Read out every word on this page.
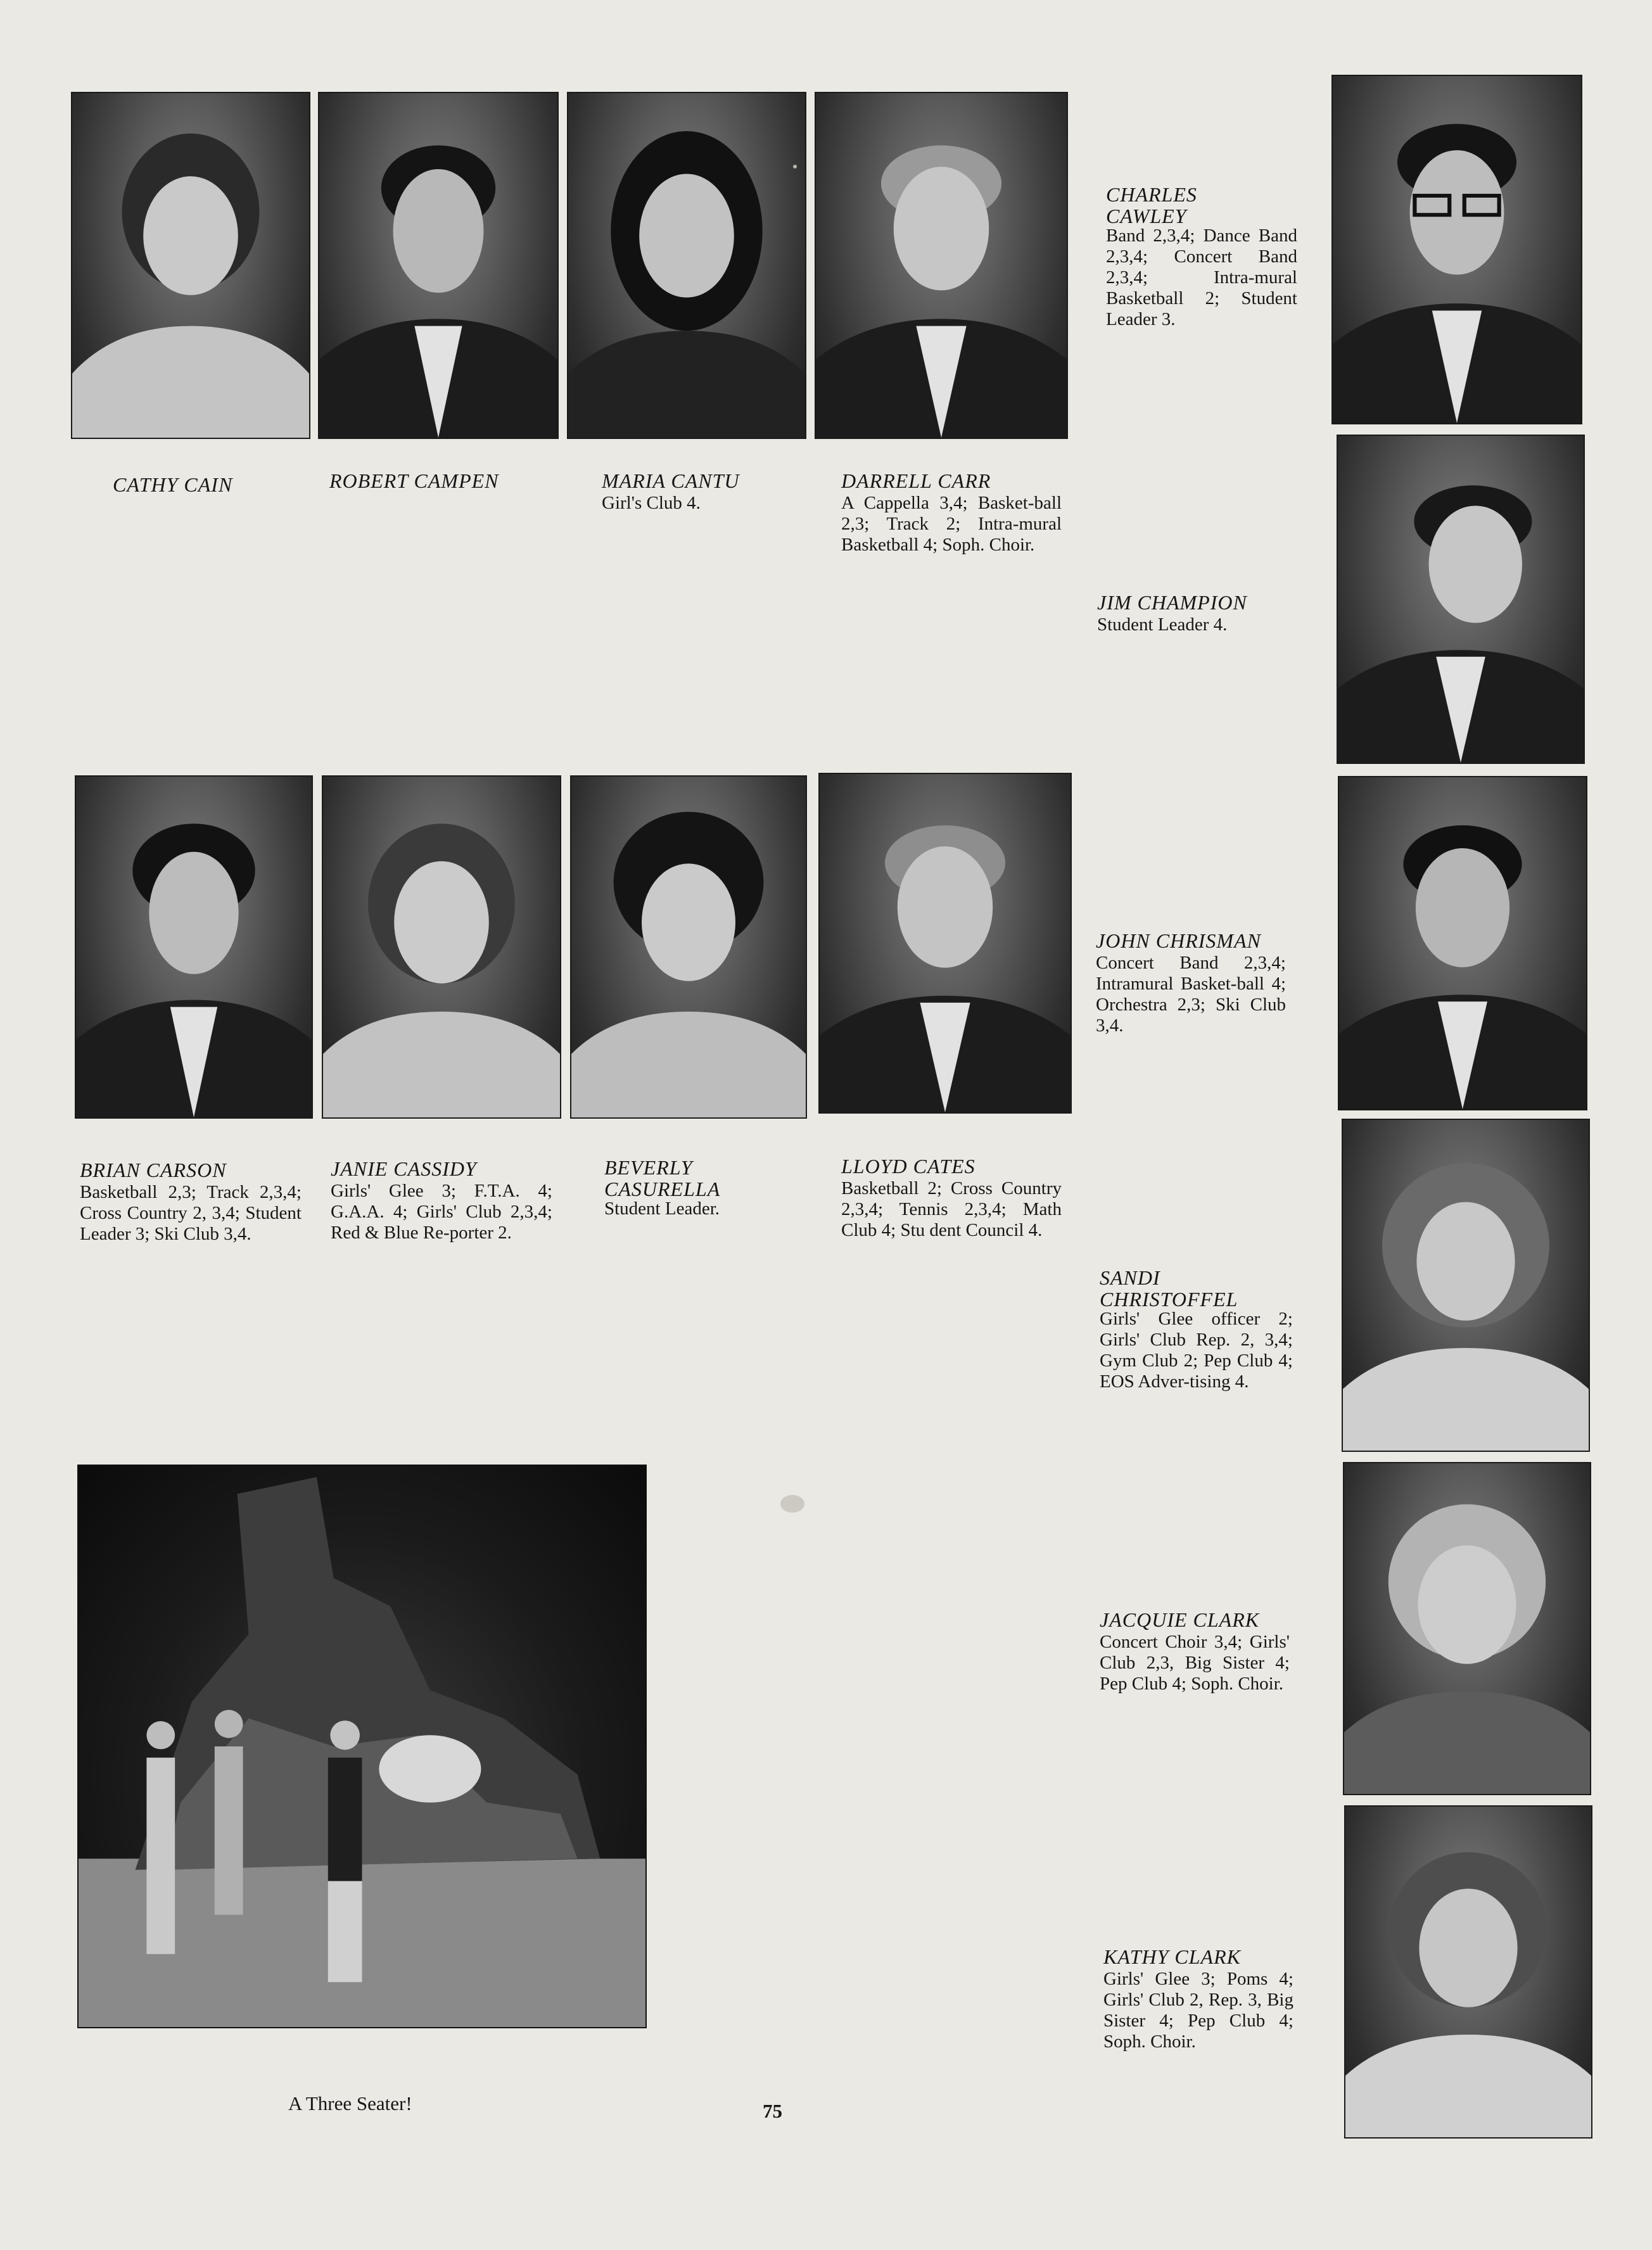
CATHY CAIN	ROBERT CAMPEN	MARIA CANTU

Girl's Club 4.

DARRELL CARR

A Cappella 3,4; Basket-ball 2,3; Track 2; Intra-mural Basketball 4; Soph. Choir.

CHARLES
CAWLEY

Band 2,3,4; Dance Band 2,3,4; Concert Band 2,3,4; Intra-mural Basketball 2; Student Leader 3.

JIM CHAMPION

Student Leader 4.

JOHN CHRISMAN

Concert Band 2,3,4; Intramural Basket-ball 4; Orchestra 2,3; Ski Club 3,4.

SANDI
CHRISTOFFEL

Girls' Glee officer 2; Girls' Club Rep. 2, 3,4; Gym Club 2; Pep Club 4; EOS Adver-tising 4.

JACQUIE CLARK

Concert Choir 3,4; Girls' Club 2,3, Big Sister 4; Pep Club 4; Soph. Choir.

KATHY CLARK

Girls' Glee 3; Poms 4; Girls' Club 2, Rep. 3, Big Sister 4; Pep Club 4; Soph. Choir.

BRIAN CARSON

Basketball 2,3; Track 2,3,4; Cross Country 2, 3,4; Student Leader 3; Ski Club 3,4.

JANIE CASSIDY

Girls' Glee 3; F.T.A. 4; G.A.A. 4; Girls' Club 2,3,4; Red & Blue Re-porter 2.

BEVERLY
CASURELLA

Student Leader.

LLOYD CATES

Basketball 2; Cross Country 2,3,4; Tennis 2,3,4; Math Club 4; Stu dent Council 4.

A Three Seater!	75
